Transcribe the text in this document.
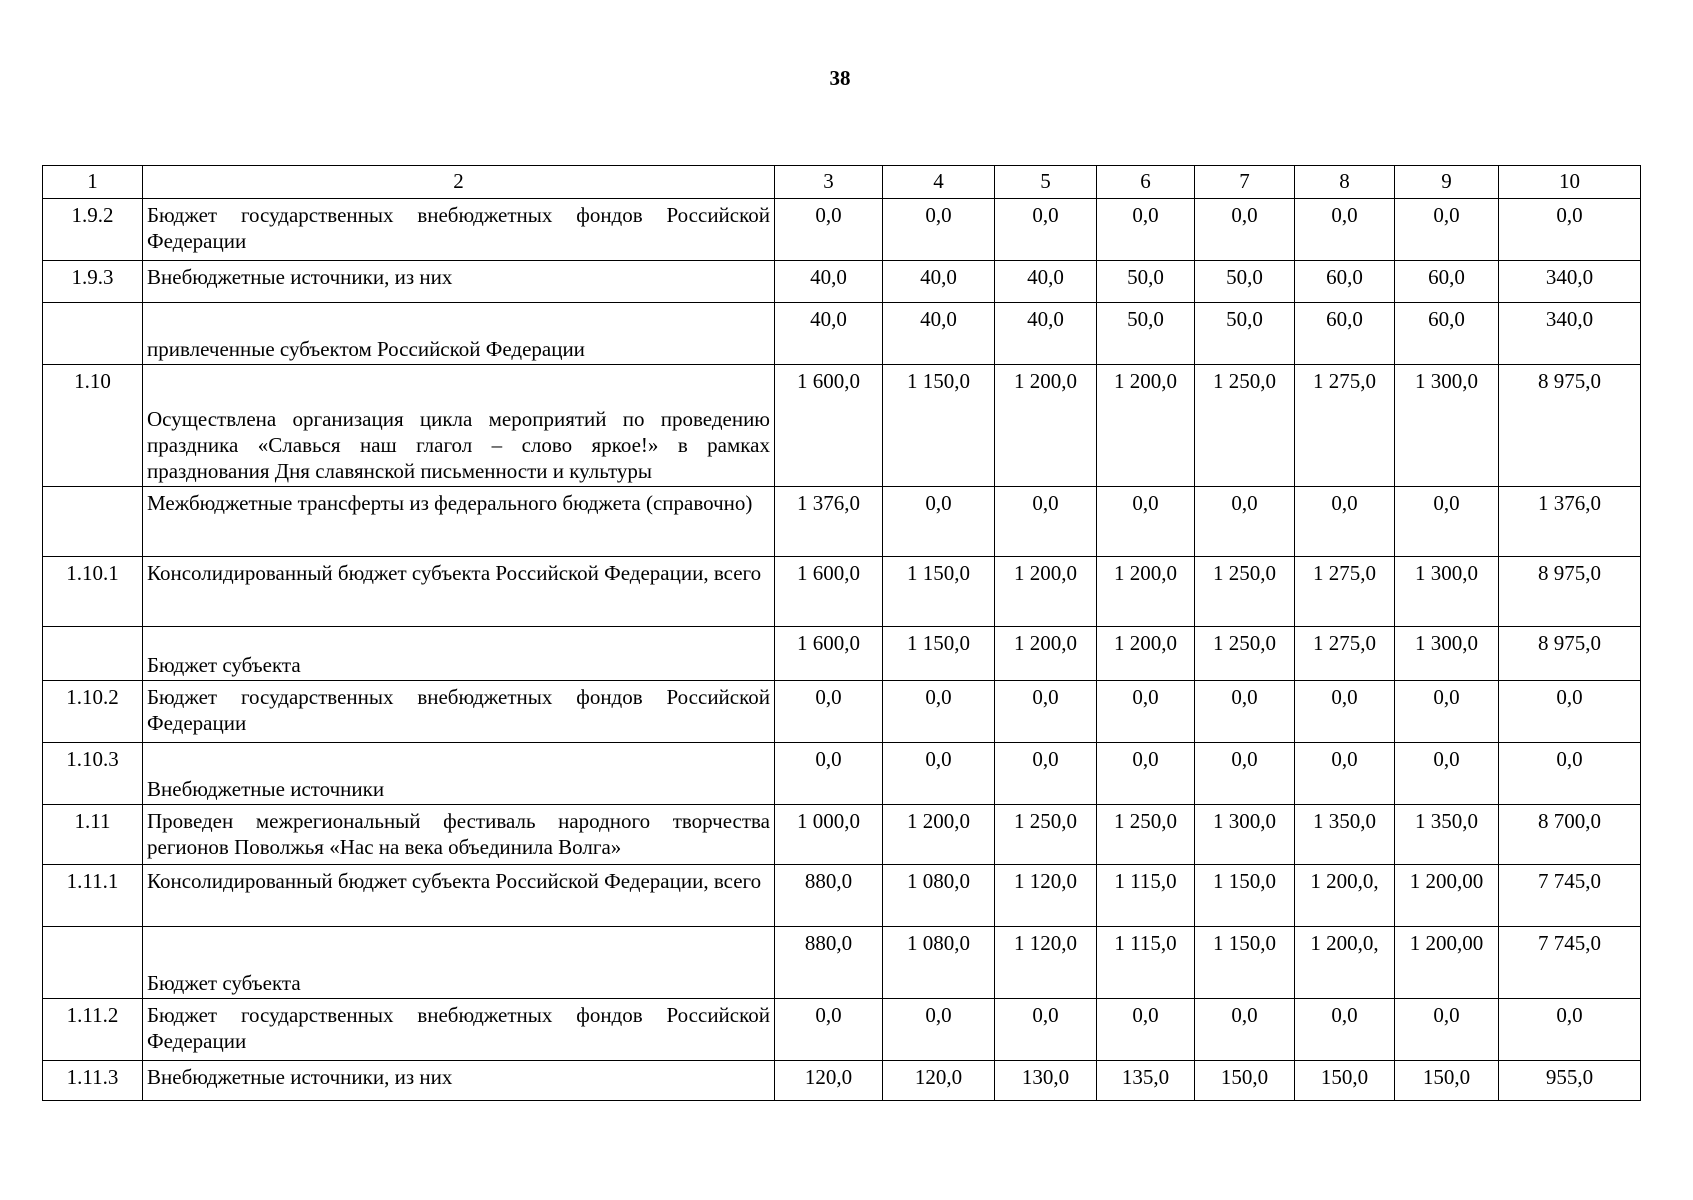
38
1	2	3	4	5	6	7	8	9	10
1.9.2	Бюджет государственных внебюджетных фондов Российской Федерации	0,0	0,0	0,0	0,0	0,0	0,0	0,0	0,0
1.9.3	Внебюджетные источники, из них	40,0	40,0	40,0	50,0	50,0	60,0	60,0	340,0
	привлеченные субъектом Российской Федерации	40,0	40,0	40,0	50,0	50,0	60,0	60,0	340,0
1.10	Осуществлена организация цикла мероприятий по проведению праздника «Славься наш глагол – слово яркое!» в рамках празднования Дня славянской письменности и культуры	1 600,0	1 150,0	1 200,0	1 200,0	1 250,0	1 275,0	1 300,0	8 975,0
	Межбюджетные трансферты из федерального бюджета (справочно)	1 376,0	0,0	0,0	0,0	0,0	0,0	0,0	1 376,0
1.10.1	Консолидированный бюджет субъекта Российской Федерации, всего	1 600,0	1 150,0	1 200,0	1 200,0	1 250,0	1 275,0	1 300,0	8 975,0
	Бюджет субъекта	1 600,0	1 150,0	1 200,0	1 200,0	1 250,0	1 275,0	1 300,0	8 975,0
1.10.2	Бюджет государственных внебюджетных фондов Российской Федерации	0,0	0,0	0,0	0,0	0,0	0,0	0,0	0,0
1.10.3	Внебюджетные источники	0,0	0,0	0,0	0,0	0,0	0,0	0,0	0,0
1.11	Проведен межрегиональный фестиваль народного творчества регионов Поволжья «Нас на века объединила Волга»	1 000,0	1 200,0	1 250,0	1 250,0	1 300,0	1 350,0	1 350,0	8 700,0
1.11.1	Консолидированный бюджет субъекта Российской Федерации, всего	880,0	1 080,0	1 120,0	1 115,0	1 150,0	1 200,0,	1 200,00	7 745,0
	Бюджет субъекта	880,0	1 080,0	1 120,0	1 115,0	1 150,0	1 200,0,	1 200,00	7 745,0
1.11.2	Бюджет государственных внебюджетных фондов Российской Федерации	0,0	0,0	0,0	0,0	0,0	0,0	0,0	0,0
1.11.3	Внебюджетные источники, из них	120,0	120,0	130,0	135,0	150,0	150,0	150,0	955,0
